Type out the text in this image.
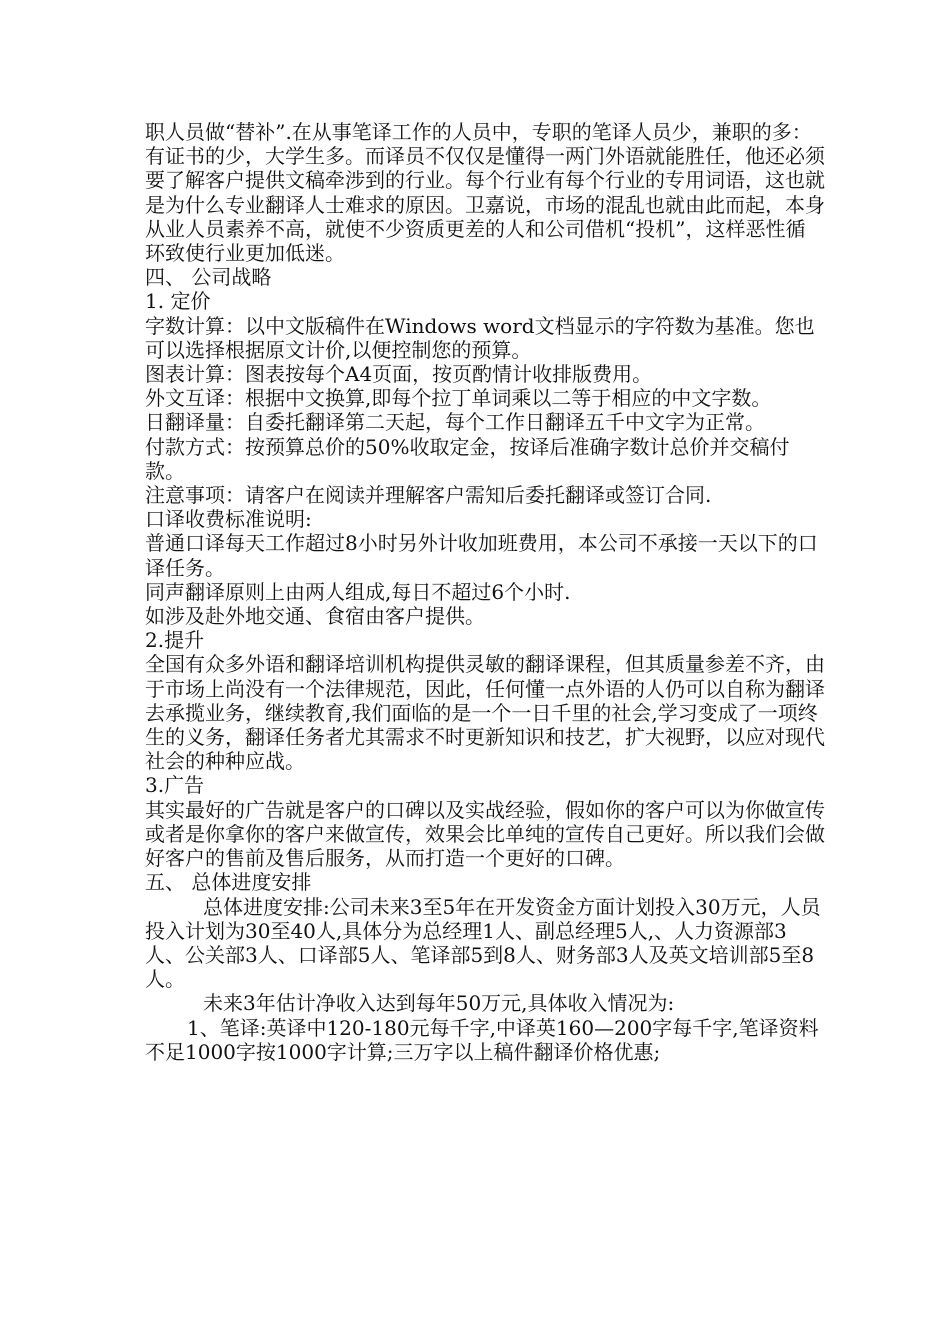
职人员做“替补”.在从事笔译工作的人员中，专职的笔译人员少，兼职的多：有证书的少，大学生多。而译员不仅仅是懂得一两门外语就能胜任，他还必须要了解客户提供文稿牵涉到的行业。每个行业有每个行业的专用词语，这也就是为什么专业翻译人士难求的原因。卫嘉说，市场的混乱也就由此而起，本身从业人员素养不高，就使不少资质更差的人和公司借机“投机”，这样恶性循环致使行业更加低迷。

四、 公司战略

1. 定价

字数计算：以中文版稿件在Windows word文档显示的字符数为基准。您也可以选择根据原文计价,以便控制您的预算。

图表计算：图表按每个A4页面，按页酌情计收排版费用。

外文互译：根据中文换算,即每个拉丁单词乘以二等于相应的中文字数。

日翻译量：自委托翻译第二天起，每个工作日翻译五千中文字为正常。

付款方式：按预算总价的50%收取定金，按译后准确字数计总价并交稿付款。

注意事项：请客户在阅读并理解客户需知后委托翻译或签订合同.

口译收费标准说明:

普通口译每天工作超过8小时另外计收加班费用，本公司不承接一天以下的口译任务。

同声翻译原则上由两人组成,每日不超过6个小时.

如涉及赴外地交通、食宿由客户提供。

2.提升

全国有众多外语和翻译培训机构提供灵敏的翻译课程，但其质量参差不齐，由于市场上尚没有一个法律规范，因此，任何懂一点外语的人仍可以自称为翻译去承揽业务，继续教育,我们面临的是一个一日千里的社会,学习变成了一项终生的义务，翻译任务者尤其需求不时更新知识和技艺，扩大视野，以应对现代社会的种种应战。

3.广告

其实最好的广告就是客户的口碑以及实战经验，假如你的客户可以为你做宣传或者是你拿你的客户来做宣传，效果会比单纯的宣传自己更好。所以我们会做好客户的售前及售后服务，从而打造一个更好的口碑。

五、 总体进度安排

总体进度安排:公司未来3至5年在开发资金方面计划投入30万元，人员投入计划为30至40人,具体分为总经理1人、副总经理5人,、人力资源部3人、公关部3人、口译部5人、笔译部5到8人、财务部3人及英文培训部5至8人。

未来3年估计净收入达到每年50万元,具体收入情况为:

1、笔译:英译中120-180元每千字,中译英160—200字每千字,笔译资料不足1000字按1000字计算;三万字以上稿件翻译价格优惠;
